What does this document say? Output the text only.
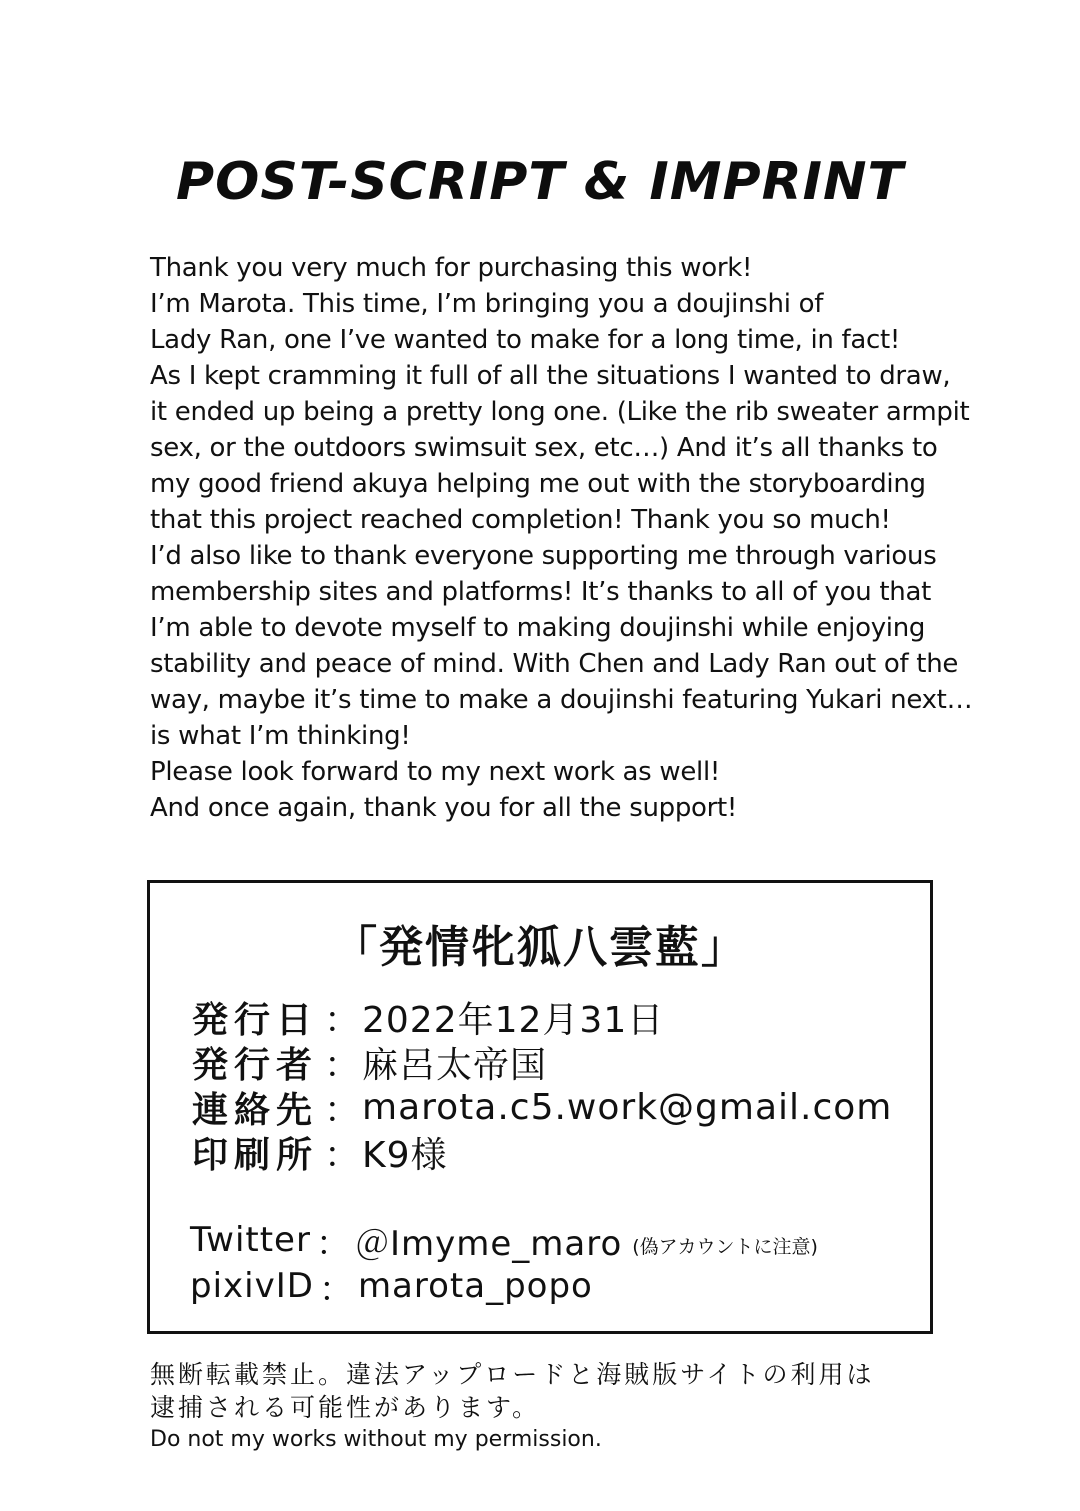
POST-SCRIPT & IMPRINT
Thank you very much for purchasing this work!
I’m Marota. This time, I’m bringing you a doujinshi of
Lady Ran, one I’ve wanted to make for a long time, in fact!
As I kept cramming it full of all the situations I wanted to draw,
it ended up being a pretty long one. (Like the rib sweater armpit
sex, or the outdoors swimsuit sex, etc…) And it’s all thanks to
my good friend akuya helping me out with the storyboarding
that this project reached completion! Thank you so much!
I’d also like to thank everyone supporting me through various
membership sites and platforms! It’s thanks to all of you that
I’m able to devote myself to making doujinshi while enjoying
stability and peace of mind. With Chen and Lady Ran out of the
way, maybe it’s time to make a doujinshi featuring Yukari next…
is what I’m thinking!
Please look forward to my next work as well!
And once again, thank you for all the support!
「発情牝狐八雲藍」
発行日 ： 2022年12月31日
発行者 ： 麻呂太帝国
連絡先 ： marota.c5.work@gmail.com
印刷所 ： K9様
Twitter ： ＠Imyme_maro (偽アカウントに注意)
pixivID ： marota_popo
無断転載禁止。違法アップロードと海賊版サイトの利用は
逮捕される可能性があります。
Do not my works without my permission.
